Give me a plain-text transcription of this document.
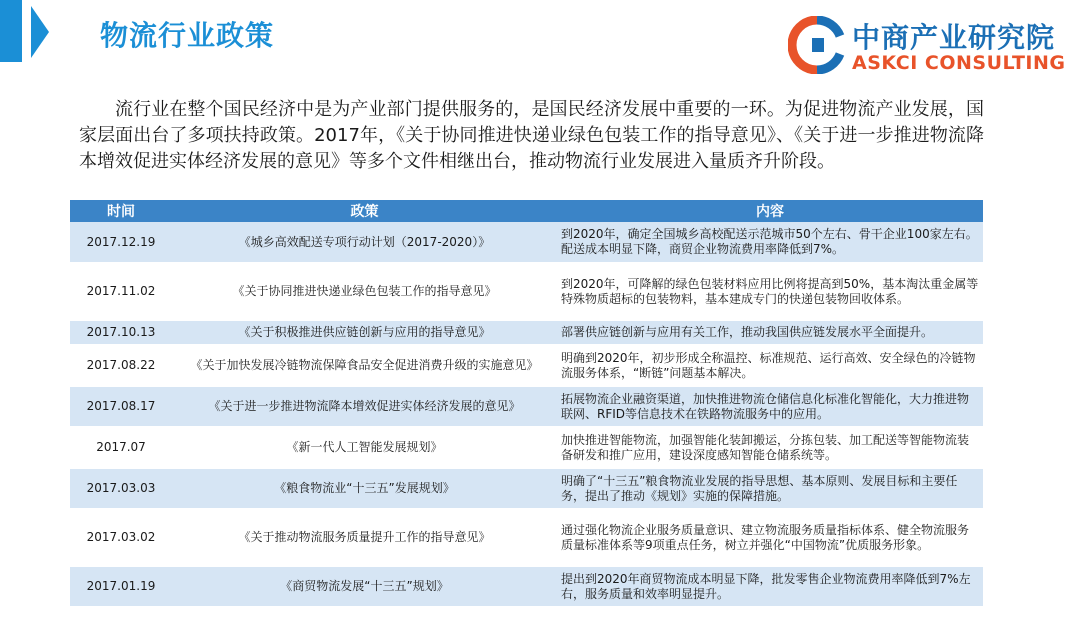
物流行业政策	中商产业研究院
ASKCI CONSULTING

流行业在整个国民经济中是为产业部门提供服务的，是国民经济发展中重要的一环。为促进物流产业发展，国家层面出台了多项扶持政策。2017年，《关于协同推进快递业绿色包装工作的指导意见》、《关于进一步推进物流降本增效促进实体经济发展的意见》等多个文件相继出台，推动物流行业发展进入量质齐升阶段。

时间	政策	内容
2017.12.19	《城乡高效配送专项行动计划（2017-2020）》	到2020年，确定全国城乡高校配送示范城市50个左右、骨干企业100家左右。配送成本明显下降，商贸企业物流费用率降低到7%。
2017.11.02	《关于协同推进快递业绿色包装工作的指导意见》	到2020年，可降解的绿色包装材料应用比例将提高到50%，基本淘汰重金属等特殊物质超标的包装物料，基本建成专门的快递包装物回收体系。
2017.10.13	《关于积极推进供应链创新与应用的指导意见》	部署供应链创新与应用有关工作，推动我国供应链发展水平全面提升。
2017.08.22	《关于加快发展冷链物流保障食品安全促进消费升级的实施意见》	明确到2020年，初步形成全称温控、标准规范、运行高效、安全绿色的冷链物流服务体系，“断链”问题基本解决。
2017.08.17	《关于进一步推进物流降本增效促进实体经济发展的意见》	拓展物流企业融资渠道，加快推进物流仓储信息化标准化智能化，大力推进物联网、RFID等信息技术在铁路物流服务中的应用。
2017.07	《新一代人工智能发展规划》	加快推进智能物流，加强智能化装卸搬运，分拣包装、加工配送等智能物流装备研发和推广应用，建设深度感知智能仓储系统等。
2017.03.03	《粮食物流业“十三五”发展规划》	明确了“十三五”粮食物流业发展的指导思想、基本原则、发展目标和主要任务，提出了推动《规划》实施的保障措施。
2017.03.02	《关于推动物流服务质量提升工作的指导意见》	通过强化物流企业服务质量意识、建立物流服务质量指标体系、健全物流服务质量标准体系等9项重点任务，树立并强化“中国物流”优质服务形象。
2017.01.19	《商贸物流发展“十三五”规划》	提出到2020年商贸物流成本明显下降，批发零售企业物流费用率降低到7%左右，服务质量和效率明显提升。
